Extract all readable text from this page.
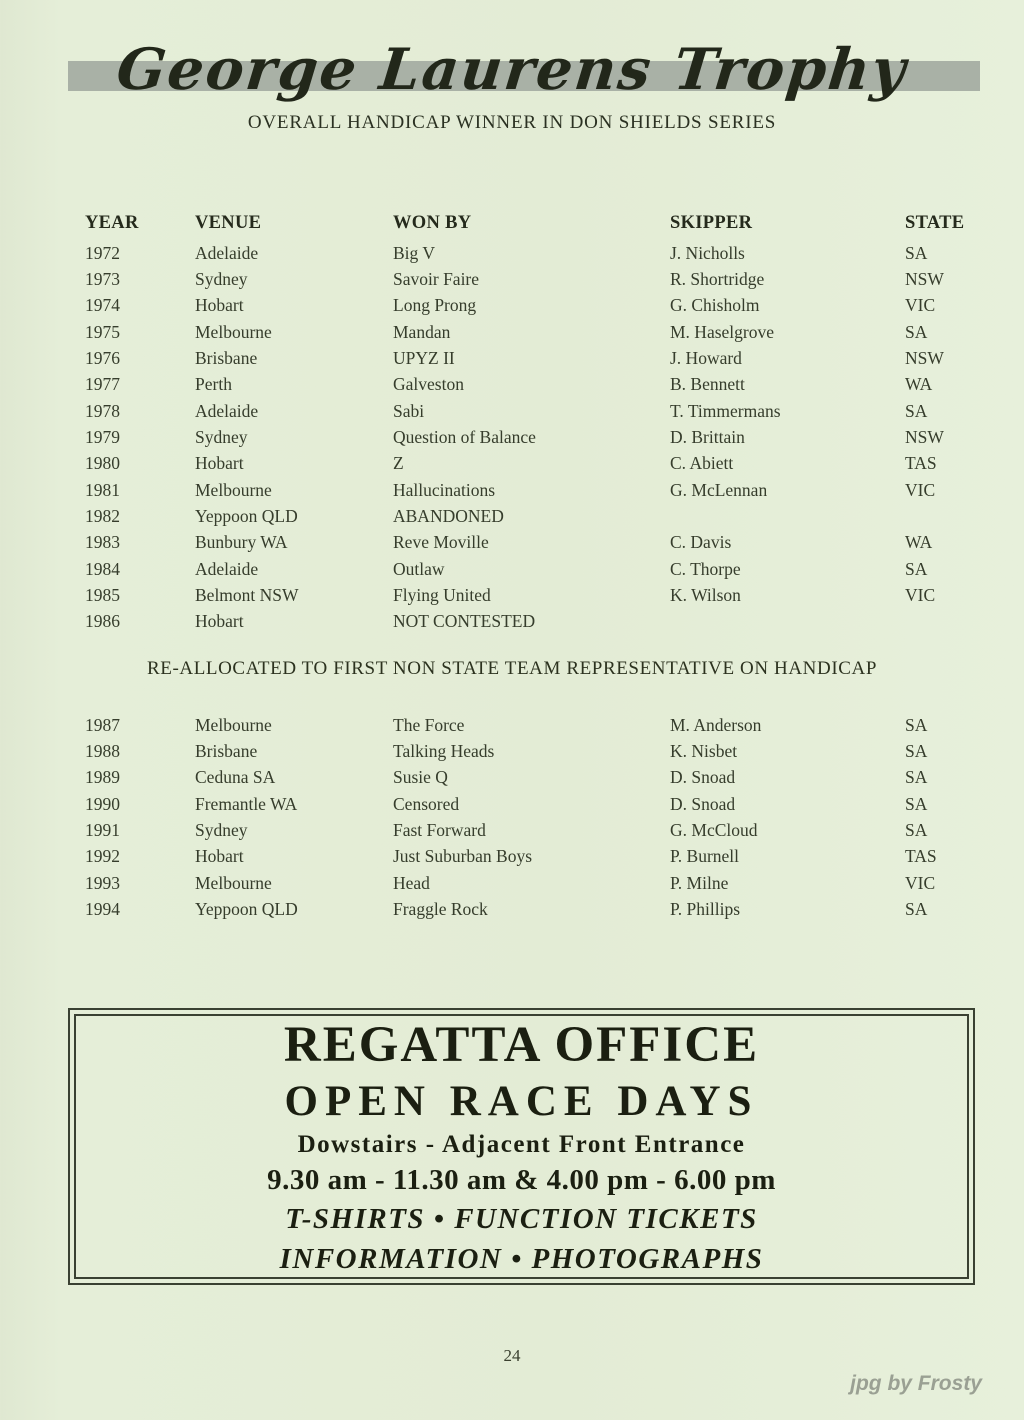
George Laurens Trophy
OVERALL HANDICAP WINNER IN DON SHIELDS SERIES
YEAR	VENUE	WON BY	SKIPPER	STATE
1972	Adelaide	Big V	J. Nicholls	SA
1973	Sydney	Savoir Faire	R. Shortridge	NSW
1974	Hobart	Long Prong	G. Chisholm	VIC
1975	Melbourne	Mandan	M. Haselgrove	SA
1976	Brisbane	UPYZ II	J. Howard	NSW
1977	Perth	Galveston	B. Bennett	WA
1978	Adelaide	Sabi	T. Timmermans	SA
1979	Sydney	Question of Balance	D. Brittain	NSW
1980	Hobart	Z	C. Abiett	TAS
1981	Melbourne	Hallucinations	G. McLennan	VIC
1982	Yeppoon QLD	ABANDONED
1983	Bunbury WA	Reve Moville	C. Davis	WA
1984	Adelaide	Outlaw	C. Thorpe	SA
1985	Belmont NSW	Flying United	K. Wilson	VIC
1986	Hobart	NOT CONTESTED
RE-ALLOCATED TO FIRST NON STATE TEAM REPRESENTATIVE ON HANDICAP
1987	Melbourne	The Force	M. Anderson	SA
1988	Brisbane	Talking Heads	K. Nisbet	SA
1989	Ceduna SA	Susie Q	D. Snoad	SA
1990	Fremantle WA	Censored	D. Snoad	SA
1991	Sydney	Fast Forward	G. McCloud	SA
1992	Hobart	Just Suburban Boys	P. Burnell	TAS
1993	Melbourne	Head	P. Milne	VIC
1994	Yeppoon QLD	Fraggle Rock	P. Phillips	SA
REGATTA OFFICE
OPEN RACE DAYS
Dowstairs - Adjacent Front Entrance
9.30 am - 11.30 am & 4.00 pm - 6.00 pm
T-SHIRTS • FUNCTION TICKETS
INFORMATION • PHOTOGRAPHS
24
jpg by Frosty
